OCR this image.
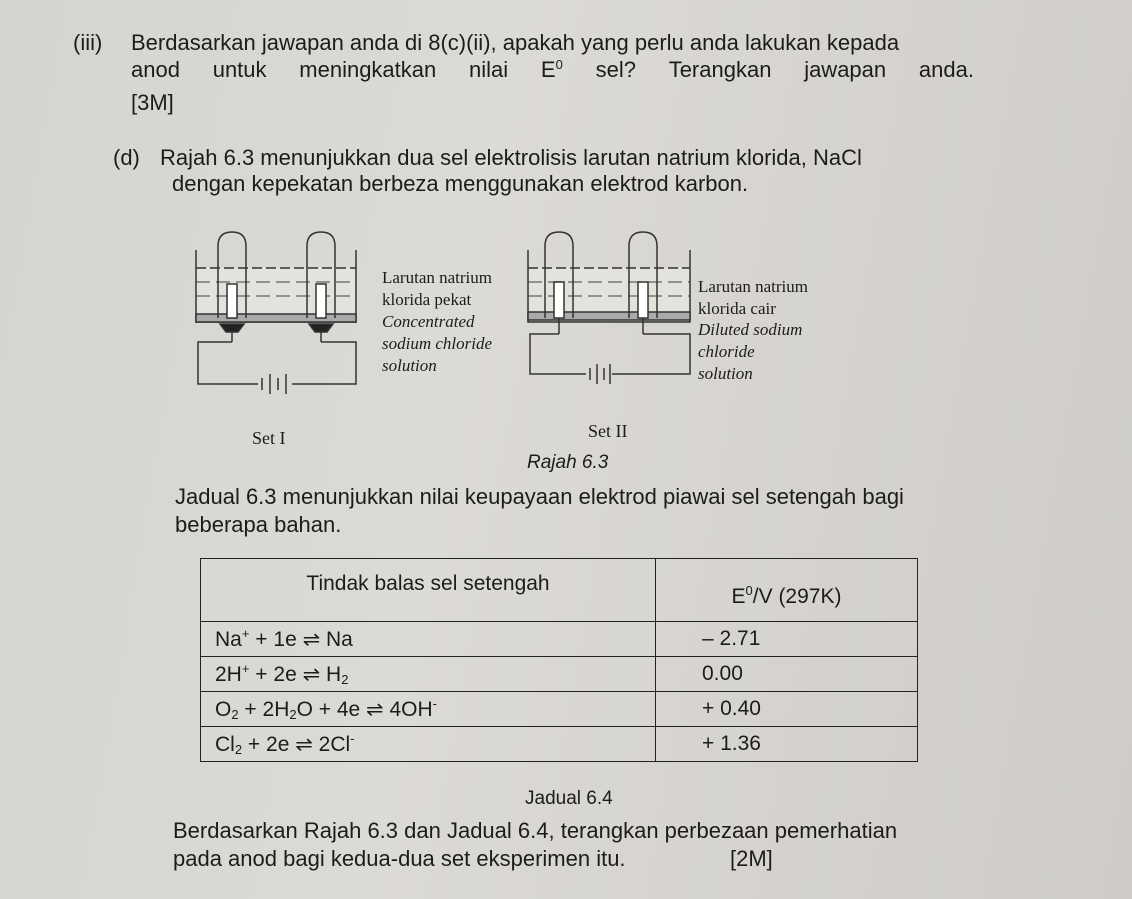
(iii) Berdasarkan jawapan anda di 8(c)(ii), apakah yang perlu anda lakukan kepada
anod untuk meningkatkan nilai $E^0$ sel? Terangkan jawapan anda.
[3M]
(d) Rajah 6.3 menunjukkan dua sel elektrolisis larutan natrium klorida, NaCl
dengan kepekatan berbeza menggunakan elektrod karbon.
Larutan natrium
klorida pekat
Concentrated
sodium chloride
solution
Larutan natrium
klorida cair
Diluted sodium
chloride
solution
Set I	Set II
Rajah 6.3
Jadual 6.3 menunjukkan nilai keupayaan elektrod piawai sel setengah bagi
beberapa bahan.
Tindak balas sel setengah	$E^0/V$ (297K)
Na+ + 1e ⇌ Na	– 2.71
2H+ + 2e ⇌ $H_2$	0.00
$O_2 + 2H_2O + 4e$ ⇌ 4OH-	+ 0.40
$Cl_2 + 2e$ ⇌ 2Cl-	+ 1.36
Jadual 6.4
Berdasarkan Rajah 6.3 dan Jadual 6.4, terangkan perbezaan pemerhatian
pada anod bagi kedua-dua set eksperimen itu.	[2M]
